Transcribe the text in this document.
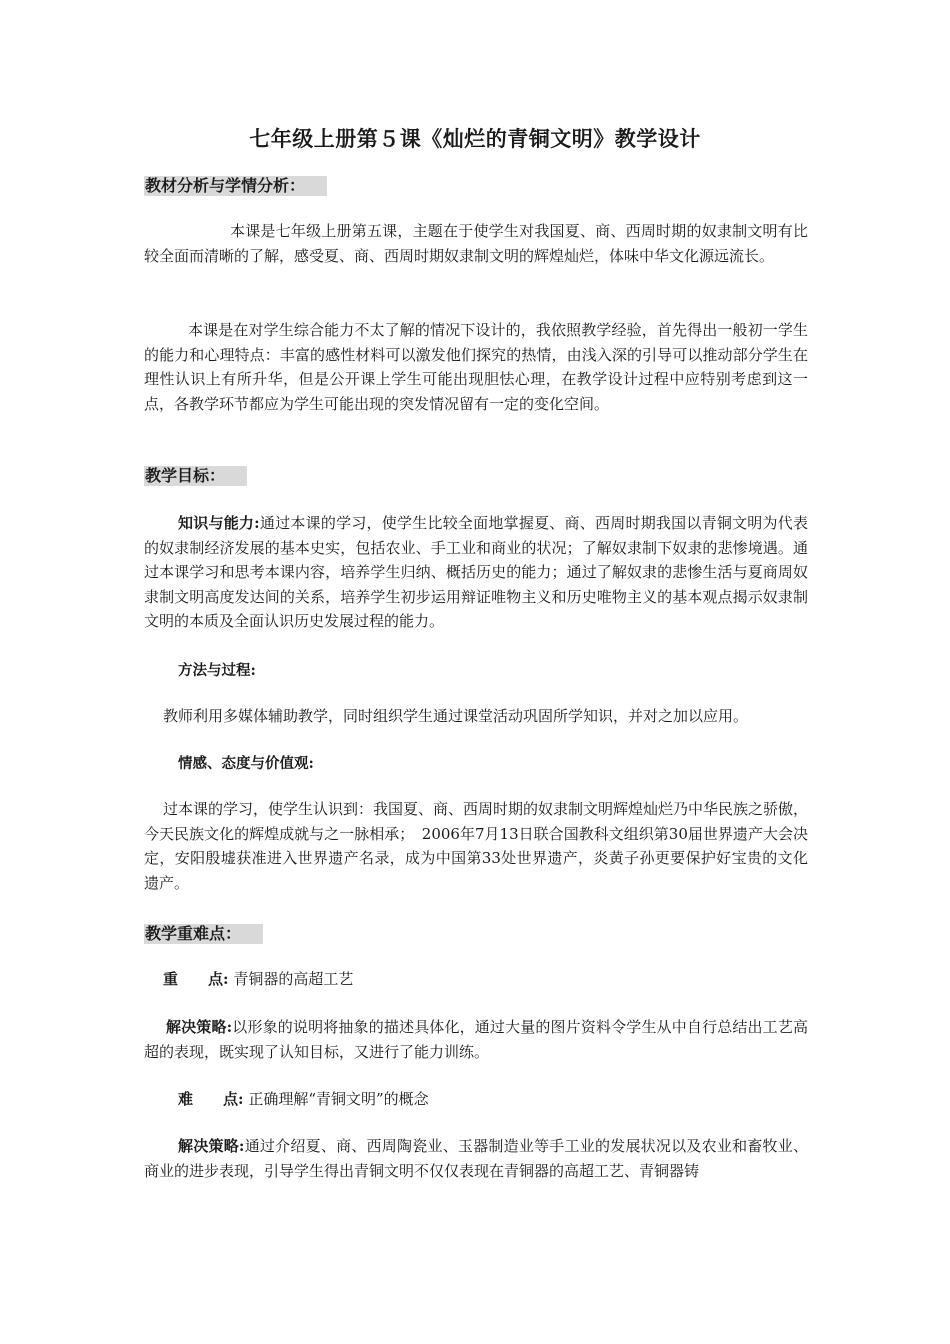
七年级上册第５课《灿烂的青铜文明》教学设计
教材分析与学情分析：

本课是七年级上册第五课，主题在于使学生对我国夏、商、西周时期的奴隶制文明有比较全面而清晰的了解，感受夏、商、西周时期奴隶制文明的辉煌灿烂，体味中华文化源远流长。

本课是在对学生综合能力不太了解的情况下设计的，我依照教学经验，首先得出一般初一学生的能力和心理特点：丰富的感性材料可以激发他们探究的热情，由浅入深的引导可以推动部分学生在理性认识上有所升华，但是公开课上学生可能出现胆怯心理，在教学设计过程中应特别考虑到这一点，各教学环节都应为学生可能出现的突发情况留有一定的变化空间。

教学目标：

知识与能力:通过本课的学习，使学生比较全面地掌握夏、商、西周时期我国以青铜文明为代表的奴隶制经济发展的基本史实，包括农业、手工业和商业的状况；了解奴隶制下奴隶的悲惨境遇。通过本课学习和思考本课内容，培养学生归纳、概括历史的能力；通过了解奴隶的悲惨生活与夏商周奴隶制文明高度发达间的关系，培养学生初步运用辩证唯物主义和历史唯物主义的基本观点揭示奴隶制文明的本质及全面认识历史发展过程的能力。

方法与过程:
教师利用多媒体辅助教学，同时组织学生通过课堂活动巩固所学知识，并对之加以应用。
情感、态度与价值观:

过本课的学习，使学生认识到：我国夏、商、西周时期的奴隶制文明辉煌灿烂乃中华民族之骄傲，今天民族文化的辉煌成就与之一脉相承；　2006年7月13日联合国教科文组织第30届世界遗产大会决定，安阳殷墟获准进入世界遗产名录，成为中国第33处世界遗产，炎黄子孙更要保护好宝贵的文化遗产。

教学重难点：
重　　点: 青铜器的高超工艺

解决策略:以形象的说明将抽象的描述具体化，通过大量的图片资料令学生从中自行总结出工艺高超的表现，既实现了认知目标，又进行了能力训练。

难　　点: 正确理解“青铜文明”的概念

解决策略:通过介绍夏、商、西周陶瓷业、玉器制造业等手工业的发展状况以及农业和畜牧业、商业的进步表现，引导学生得出青铜文明不仅仅表现在青铜器的高超工艺、青铜器铸
